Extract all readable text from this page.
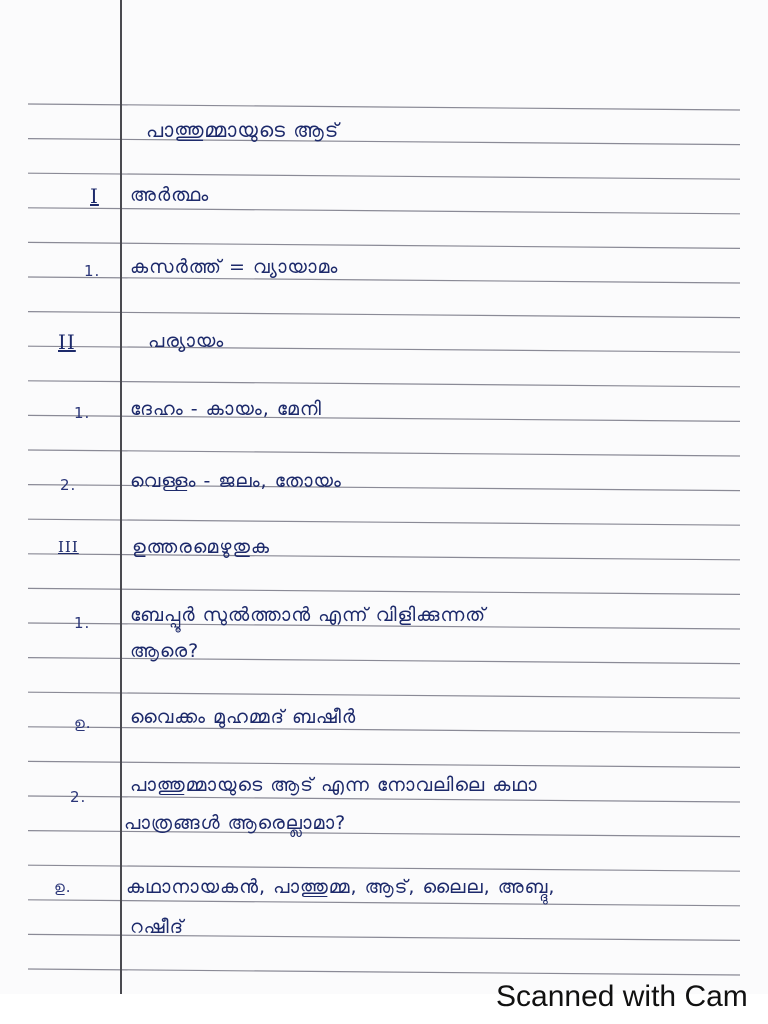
പാത്തുമ്മായുടെ ആട്
I അർത്ഥം
1. കസർത്ത് = വ്യായാമം
II	പര്യായം
1. ദേഹം - കായം, മേനി
2.	വെള്ളം - ജലം, തോയം
III	ഉത്തരമെഴുതുക
1. ബേപ്പൂർ സുൽത്താൻ എന്ന് വിളിക്കുന്നത്
ആരെ?
ഉ. വൈക്കം മുഹമ്മദ് ബഷീർ
2.
പാത്തുമ്മായുടെ ആട് എന്ന നോവലിലെ കഥാ
പാത്രങ്ങൾ ആരെല്ലാമാ?
ഉ.	കഥാനായകൻ, പാത്തുമ്മ, ആട്, ലൈല, അബ്ദു,
റഷീദ്
Scanned with Cam
